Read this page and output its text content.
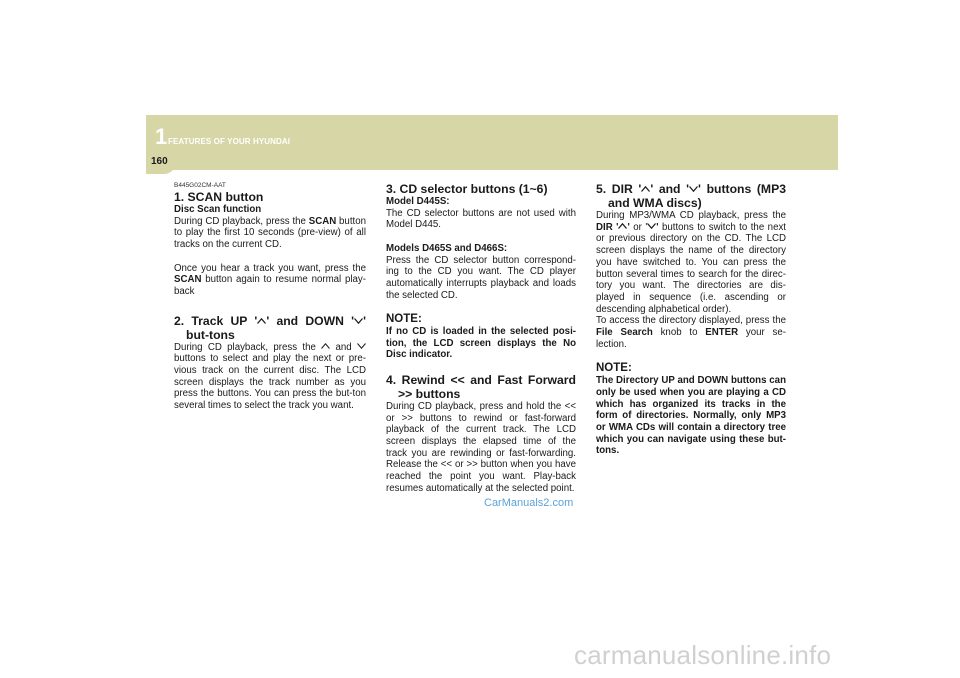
1 FEATURES OF YOUR HYUNDAI
160
B445G02CM-AAT
1. SCAN button
Disc Scan function

During CD playback, press the SCAN button to play the first 10 seconds (pre-view) of all tracks on the current CD.

Once you hear a track you want, press the SCAN button again to resume normal play-back

2. Track UP ' ' and DOWN ' ' but-tons

During CD playback, press the
and
buttons to select and play the next or pre-vious track on the current disc. The LCD screen displays the track number as you press the buttons. You can press the but-ton several times to select the track you want.

3. CD selector buttons (1~6)
Model D445S:

The CD selector buttons are not used with Model D445.

Models D465S and D466S:

Press the CD selector button correspond-ing to the CD you want. The CD player automatically interrupts playback and loads the selected CD.

NOTE:
If no CD is loaded in the selected posi-tion, the LCD screen displays the No Disc indicator.
4. Rewind << and Fast Forward >> buttons

During CD playback, press and hold the << or >> buttons to rewind or fast-forward playback of the current track. The LCD screen displays the elapsed time of the track you are rewinding or fast-forwarding. Release the << or >> button when you have reached the point you want. Play-back resumes automatically at the selected point.

5. DIR ' ' and ' ' buttons (MP3 and WMA discs)

During MP3/WMA CD playback, press the DIR ' ' or ' ' buttons to switch to the next or previous directory on the CD. The LCD screen displays the name of the directory you have switched to. You can press the button several times to search for the direc-tory you want. The directories are dis-played in sequence (i.e. ascending or descending alphabetical order).

To access the directory displayed, press the File Search knob to ENTER your se-lection.

NOTE:
The Directory UP and DOWN buttons can only be used when you are playing a CD which has organized its tracks in the form of directories. Normally, only MP3 or WMA CDs will contain a directory tree which you can navigate using these but-tons.
CarManuals2.com
carmanualsonline.info
